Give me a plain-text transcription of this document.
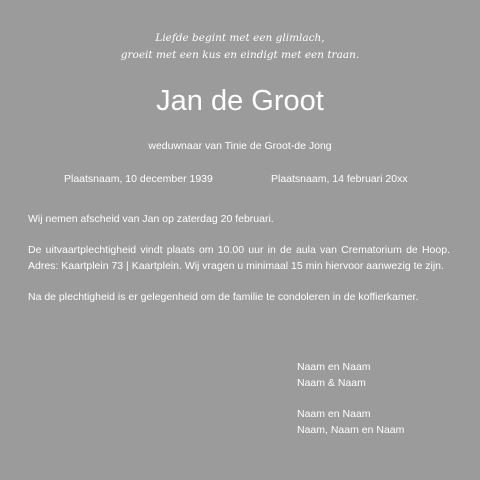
Liefde begint met een glimlach,
groeit met een kus en eindigt met een traan.
Jan de Groot
weduwnaar van Tinie de Groot-de Jong
Plaatsnaam, 10 december 1939	Plaatsnaam, 14 februari 20xx

Wij nemen afscheid van Jan op zaterdag 20 februari.

De uitvaartplechtigheid vindt plaats om 10.00 uur in de aula van Crematorium de Hoop. Adres: Kaartplein 73 | Kaartplein. Wij vragen u minimaal 15 min hiervoor aanwezig te zijn.

Na de plechtigheid is er gelegenheid om de familie te condoleren in de koffierkamer.

Naam en Naam
Naam & Naam
Naam en Naam
Naam, Naam en Naam
